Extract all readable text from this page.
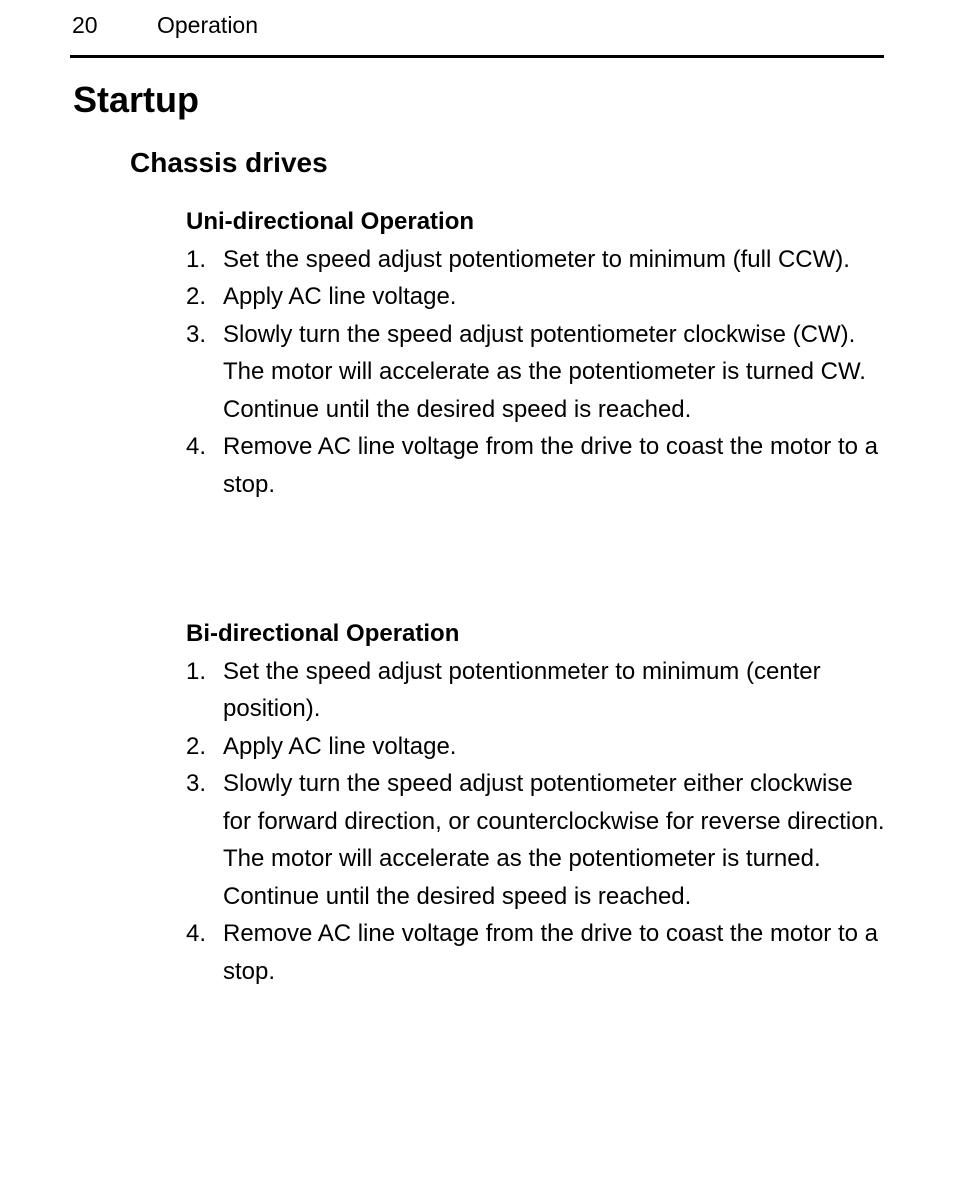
20	Operation
Startup
Chassis drives
Uni-directional Operation
1. Set the speed adjust potentiometer to minimum (full CCW).
2. Apply AC line voltage.
3. Slowly turn the speed adjust potentiometer clockwise (CW). The motor will accelerate as the potentiometer is turned CW. Continue until the desired speed is reached.
4. Remove AC line voltage from the drive to coast the motor to a stop.
Bi-directional Operation
1. Set the speed adjust potentionmeter to minimum (center position).
2. Apply AC line voltage.
3. Slowly turn the speed adjust potentiometer either clockwise for forward direction, or counterclockwise for reverse direction. The motor will accelerate as the potentiometer is turned. Continue until the desired speed is reached.
4. Remove AC line voltage from the drive to coast the motor to a stop.
